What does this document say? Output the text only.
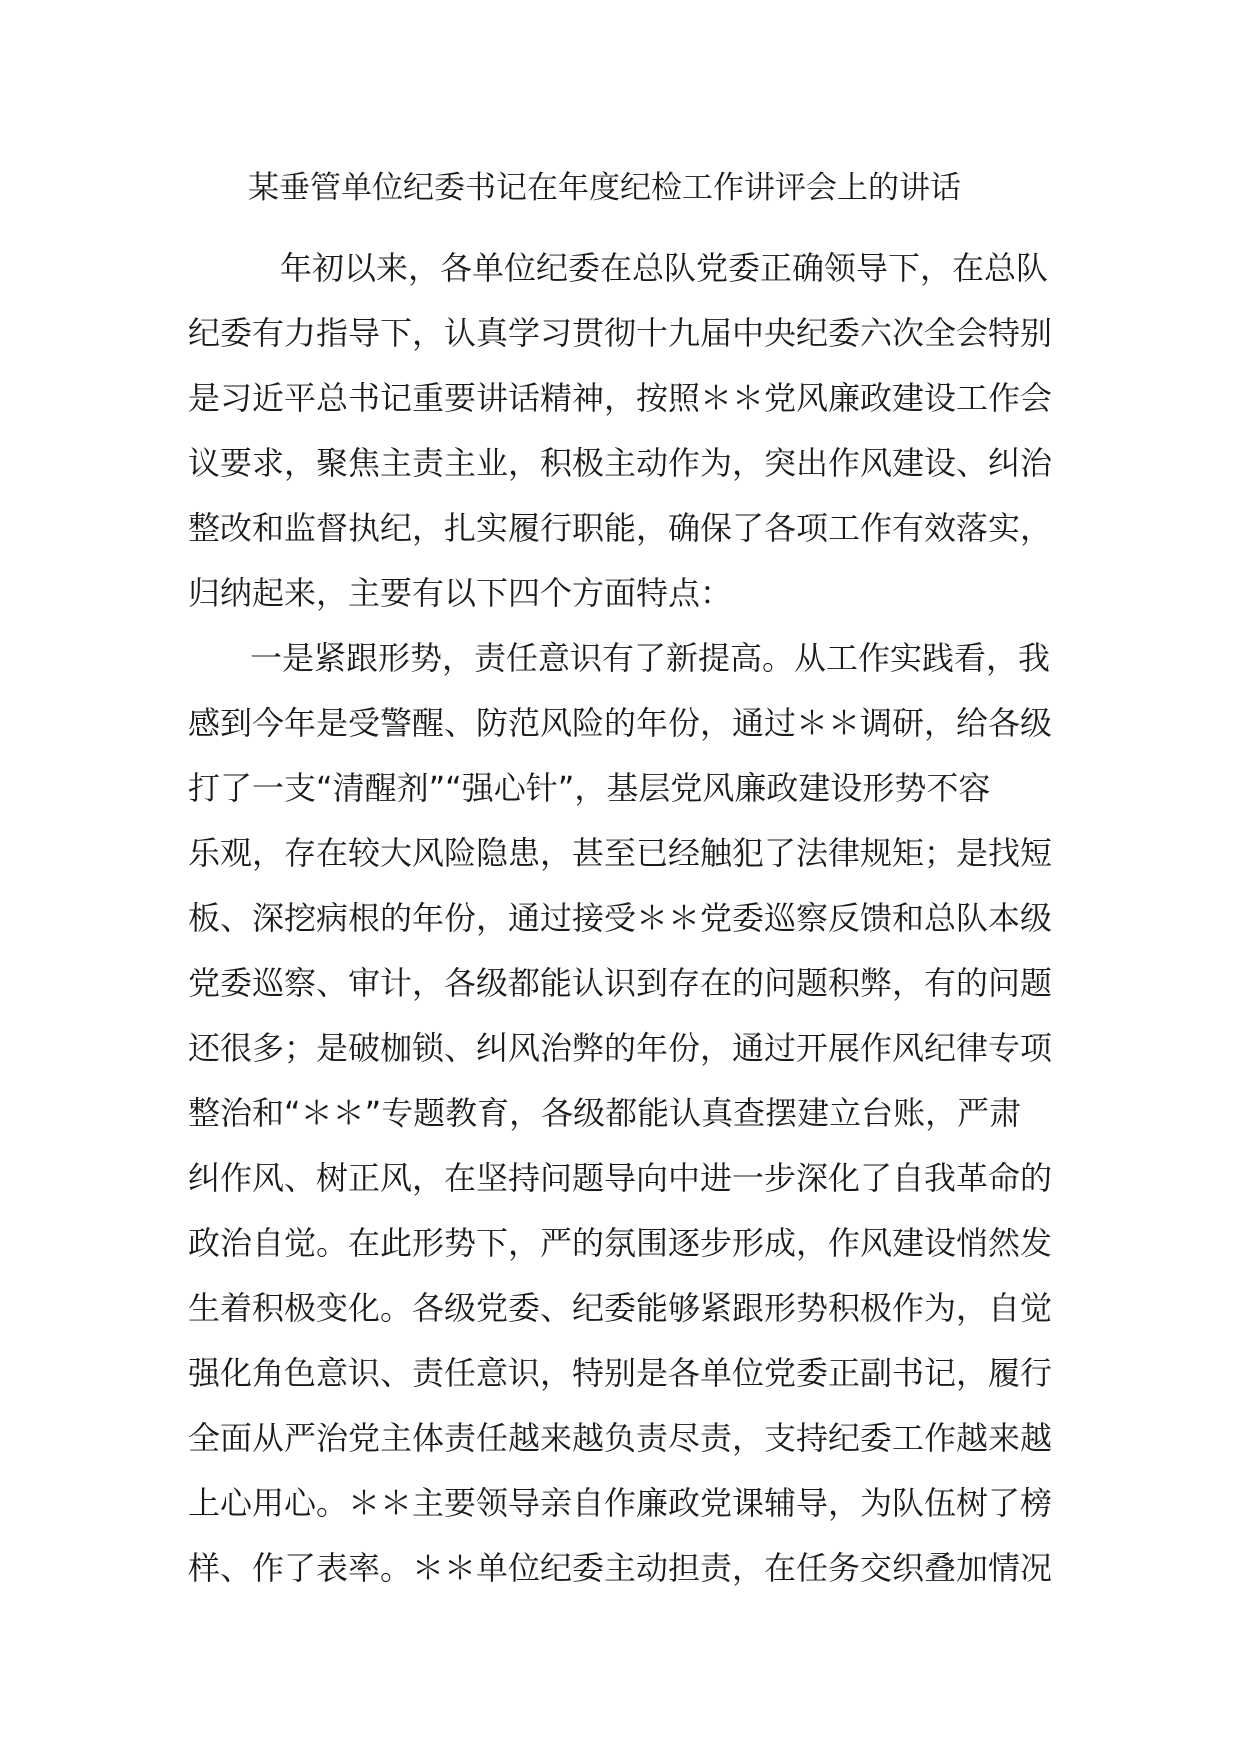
某垂管单位纪委书记在年度纪检工作讲评会上的讲话
年初以来，各单位纪委在总队党委正确领导下，在总队
纪委有力指导下，认真学习贯彻十九届中央纪委六次全会特别
是习近平总书记重要讲话精神，按照＊＊党风廉政建设工作会
议要求，聚焦主责主业，积极主动作为，突出作风建设、纠治
整改和监督执纪，扎实履行职能，确保了各项工作有效落实，
归纳起来，主要有以下四个方面特点：
一是紧跟形势，责任意识有了新提高。从工作实践看，我
感到今年是受警醒、防范风险的年份，通过＊＊调研，给各级
打了一支“清醒剂”“强心针”，基层党风廉政建设形势不容
乐观，存在较大风险隐患，甚至已经触犯了法律规矩；是找短
板、深挖病根的年份，通过接受＊＊党委巡察反馈和总队本级
党委巡察、审计，各级都能认识到存在的问题积弊，有的问题
还很多；是破枷锁、纠风治弊的年份，通过开展作风纪律专项
整治和“＊＊”专题教育，各级都能认真查摆建立台账，严肃
纠作风、树正风，在坚持问题导向中进一步深化了自我革命的
政治自觉。在此形势下，严的氛围逐步形成，作风建设悄然发
生着积极变化。各级党委、纪委能够紧跟形势积极作为，自觉
强化角色意识、责任意识，特别是各单位党委正副书记，履行
全面从严治党主体责任越来越负责尽责，支持纪委工作越来越
上心用心。＊＊主要领导亲自作廉政党课辅导，为队伍树了榜
样、作了表率。＊＊单位纪委主动担责，在任务交织叠加情况
